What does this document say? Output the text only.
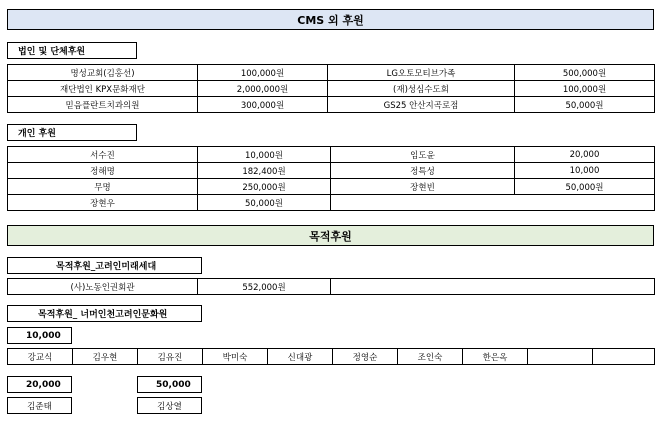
CMS 외 후원
법인 및 단체후원
명성교회(김홍선)	100,000원	LG오토모티브가족	500,000원
재단법인 KPX문화재단	2,000,000원	(재)성심수도회	100,000원
믿음플란트치과의원	300,000원	GS25 안산지곡로점	50,000원
개인 후원
서수진	10,000원	임도윤	20,000
정해명	182,400원	정특성	10,000
무명	250,000원	장현빈	50,000원
장현우	50,000원		
목적후원
목적후원_고려인미래세대
(사)노동인권회관	552,000원	
목적후원_ 너머인천고려인문화원
10,000
강교식	김우현	김유진	박미숙	신대광	정영순	조인숙	한은옥		
20,000
김준태
50,000
김상열
